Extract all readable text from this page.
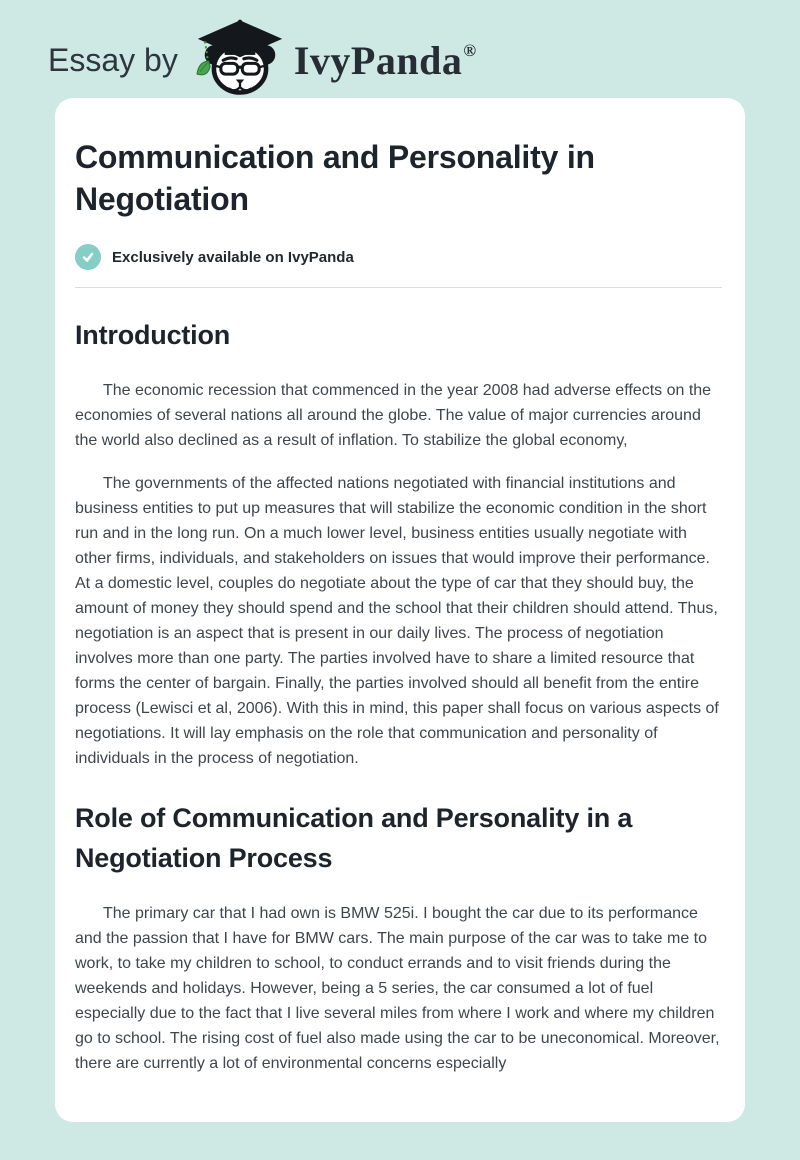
Essay by	IvyPanda®
Communication and Personality in Negotiation
Exclusively available on IvyPanda
Introduction

The economic recession that commenced in the year 2008 had adverse effects on the economies of several nations all around the globe. The value of major currencies around the world also declined as a result of inflation. To stabilize the global economy,

The governments of the affected nations negotiated with financial institutions and business entities to put up measures that will stabilize the economic condition in the short run and in the long run. On a much lower level, business entities usually negotiate with other firms, individuals, and stakeholders on issues that would improve their performance. At a domestic level, couples do negotiate about the type of car that they should buy, the amount of money they should spend and the school that their children should attend. Thus, negotiation is an aspect that is present in our daily lives. The process of negotiation involves more than one party. The parties involved have to share a limited resource that forms the center of bargain. Finally, the parties involved should all benefit from the entire process (Lewisci et al, 2006). With this in mind, this paper shall focus on various aspects of negotiations. It will lay emphasis on the role that communication and personality of individuals in the process of negotiation.

Role of Communication and Personality in a Negotiation Process

The primary car that I had own is BMW 525i. I bought the car due to its performance and the passion that I have for BMW cars. The main purpose of the car was to take me to work, to take my children to school, to conduct errands and to visit friends during the weekends and holidays. However, being a 5 series, the car consumed a lot of fuel especially due to the fact that I live several miles from where I work and where my children go to school. The rising cost of fuel also made using the car to be uneconomical. Moreover, there are currently a lot of environmental concerns especially
